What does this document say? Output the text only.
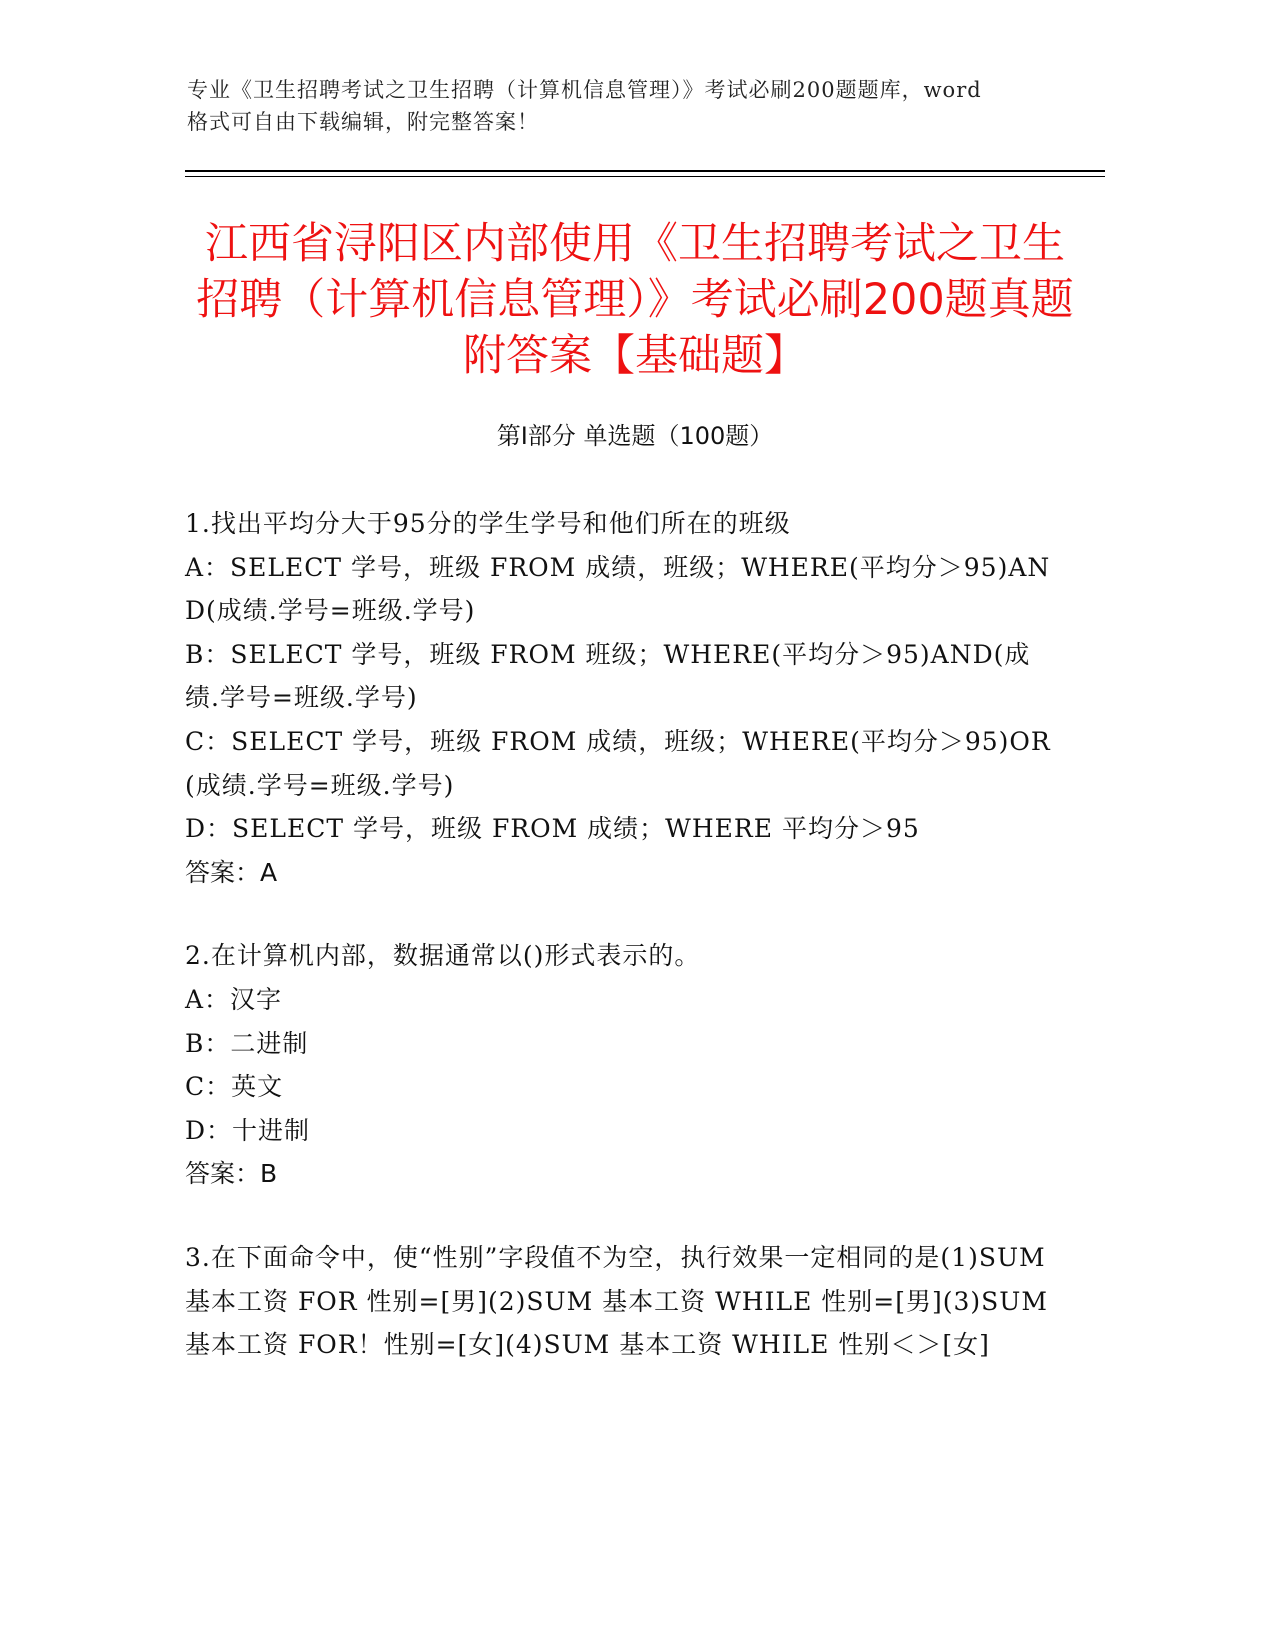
专业《卫生招聘考试之卫生招聘（计算机信息管理）》考试必刷200题题库，word
格式可自由下载编辑，附完整答案！
江西省浔阳区内部使用《卫生招聘考试之卫生招聘（计算机信息管理）》考试必刷200题真题附答案【基础题】
第Ⅰ部分 单选题（100题）
1.找出平均分大于95分的学生学号和他们所在的班级
A：SELECT 学号，班级 FROM 成绩，班级；WHERE(平均分＞95)AND(成绩.学号=班级.学号)
B：SELECT 学号，班级 FROM 班级；WHERE(平均分＞95)AND(成绩.学号=班级.学号)
C：SELECT 学号，班级 FROM 成绩，班级；WHERE(平均分＞95)OR(成绩.学号=班级.学号)
D：SELECT 学号，班级 FROM 成绩；WHERE 平均分＞95
答案：A
2.在计算机内部，数据通常以()形式表示的。
A：汉字
B：二进制
C：英文
D：十进制
答案：B
3.在下面命令中，使“性别”字段值不为空，执行效果一定相同的是(1)SUM 基本工资 FOR 性别=[男](2)SUM 基本工资 WHILE 性别=[男](3)SUM 基本工资 FOR！性别=[女](4)SUM 基本工资 WHILE 性别＜＞[女]
